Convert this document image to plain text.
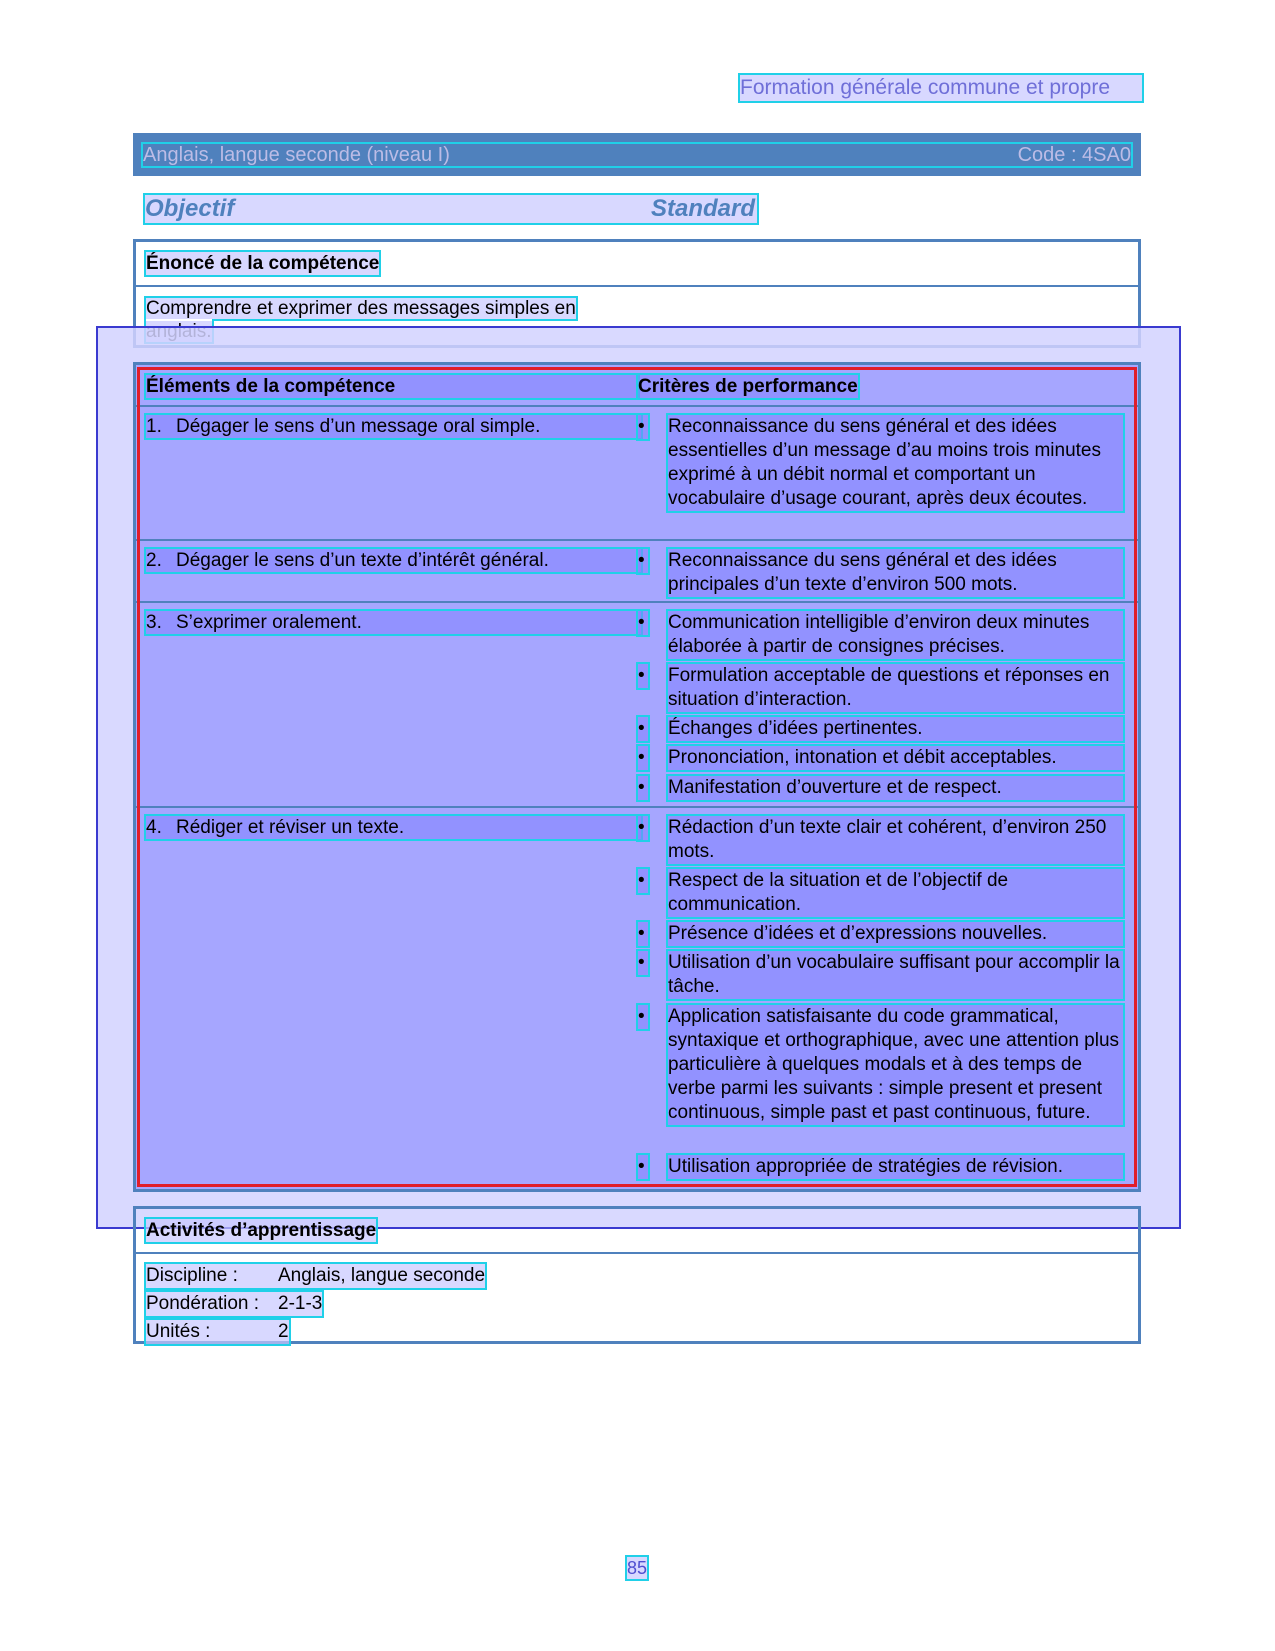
Formation générale commune et propre
Anglais, langue seconde (niveau I)	Code : 4SA0
Objectif	Standard
Énoncé de la compétence
Comprendre et exprimer des messages simples en
Éléments de la compétence	Critères de performance
1. Dégager le sens d’un message oral simple.	• Reconnaissance du sens général et des idées essentielles d’un message d’au moins trois minutes exprimé à un débit normal et comportant un vocabulaire d’usage courant, après deux écoutes.
2. Dégager le sens d’un texte d’intérêt général.	• Reconnaissance du sens général et des idées principales d’un texte d’environ 500 mots.
3. S’exprimer oralement.	• Communication intelligible d’environ deux minutes élaborée à partir de consignes précises.
• Formulation acceptable de questions et réponses en situation d’interaction.
• Échanges d’idées pertinentes.
• Prononciation, intonation et débit acceptables.
• Manifestation d’ouverture et de respect.
4. Rédiger et réviser un texte.	• Rédaction d’un texte clair et cohérent, d’environ 250 mots.
• Respect de la situation et de l’objectif de communication.
• Présence d’idées et d’expressions nouvelles.
• Utilisation d’un vocabulaire suffisant pour accomplir la tâche.
• Application satisfaisante du code grammatical, syntaxique et orthographique, avec une attention plus particulière à quelques modals et à des temps de verbe parmi les suivants : simple present et present continuous, simple past et past continuous, future.
• Utilisation appropriée de stratégies de révision.
Activités d’apprentissage
Discipline : Anglais, langue seconde
Pondération : 2-1-3
Unités :	2
85
